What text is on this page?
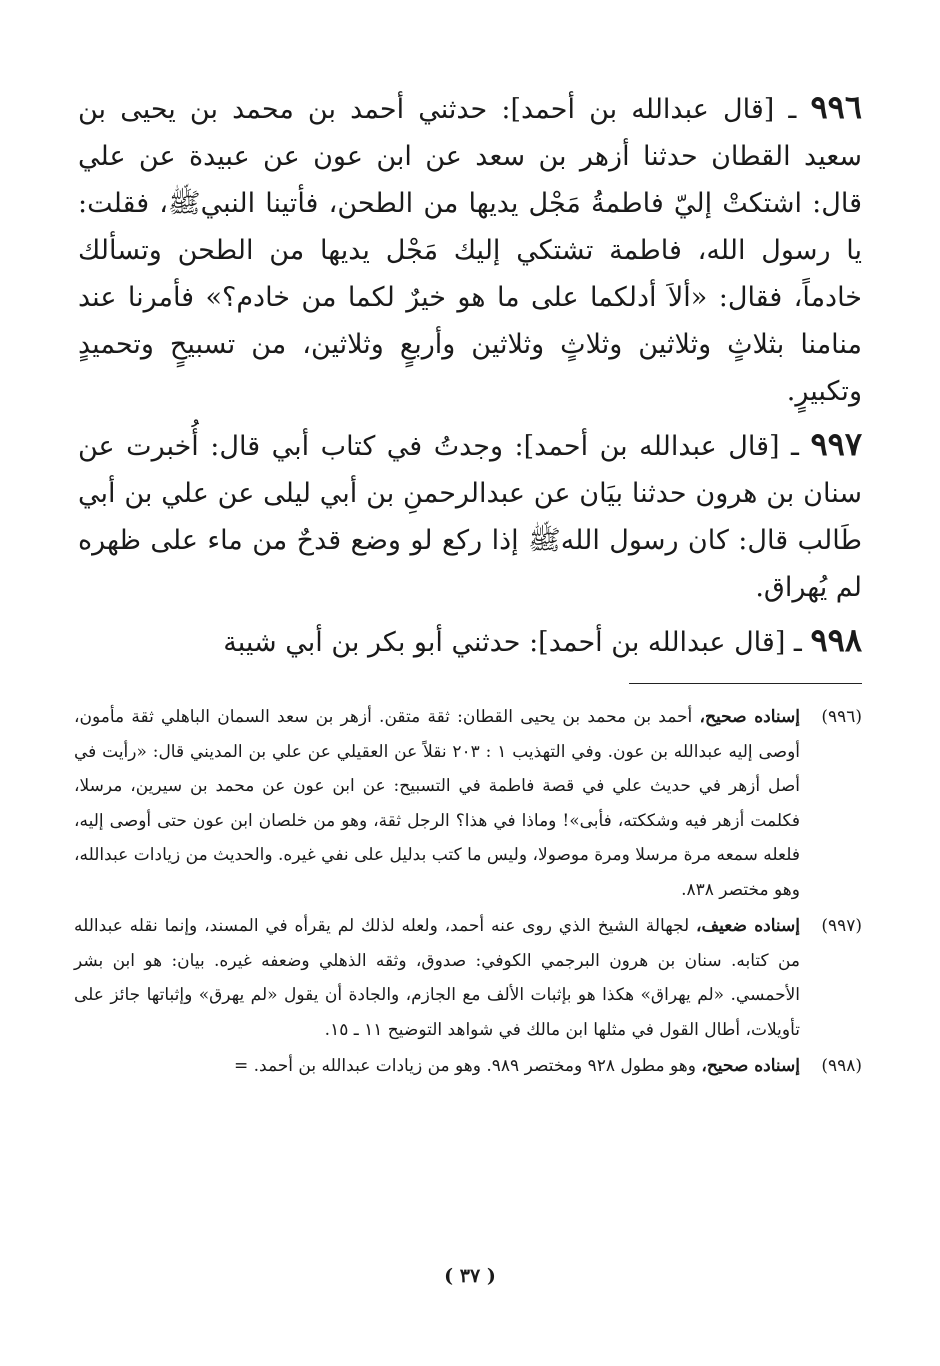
٩٩٦ ـ [قال عبدالله بن أحمد]: حدثني أحمد بن محمد بن يحيى بن سعيد القطان حدثنا أزهر بن سعد عن ابن عون عن عبيدة عن علي قال: اشتكتْ إليّ فاطمةُ مَجْل يديها من الطحن، فأتينا النبيﷺ، فقلت: يا رسول الله، فاطمة تشتكي إليك مَجْل يديها من الطحن وتسألك خادماً، فقال: «ألاَ أدلكما على ما هو خيرٌ لكما من خادم؟» فأمرنا عند منامنا بثلاثٍ وثلاثين وثلاثٍ وثلاثين وأربعٍ وثلاثين، من تسبيحٍ وتحميدٍ وتكبيرٍ.

٩٩٧ ـ [قال عبدالله بن أحمد]: وجدتُ في كتاب أبي قال: أُخبرت عن سنان بن هرون حدثنا بيَان عن عبدالرحمنِ بن أبي ليلى عن علي بن أبي طَالب قال: كان رسول اللهﷺ إذا ركع لو وضع قدحٌ من ماء على ظهره لم يُهراق.

٩٩٨ ـ [قال عبدالله بن أحمد]: حدثني أبو بكر بن أبي شيبة

(٩٩٦)
إسناده صحيح، أحمد بن محمد بن يحيى القطان: ثقة متقن. أزهر بن سعد السمان الباهلي ثقة مأمون، أوصى إليه عبدالله بن عون. وفي التهذيب ١ : ٢٠٣ نقلاً عن العقيلي عن علي بن المديني قال: «رأيت في أصل أزهر في حديث علي في قصة فاطمة في التسبيح: عن ابن عون عن محمد بن سيرين، مرسلا، فكلمت أزهر فيه وشككته، فأبى»! وماذا في هذا؟ الرجل ثقة، وهو من خلصان ابن عون حتى أوصى إليه، فلعله سمعه مرة مرسلا ومرة موصولا، وليس ما كتب بدليل على نفي غيره. والحديث من زيادات عبدالله، وهو مختصر ٨٣٨.
(٩٩٧)
إسناده ضعيف، لجهالة الشيخ الذي روى عنه أحمد، ولعله لذلك لم يقرأه في المسند، وإنما نقله عبدالله من كتابه. سنان بن هرون البرجمي الكوفي: صدوق، وثقه الذهلي وضعفه غيره. بيان: هو ابن بشر الأحمسي. «لم يهراق» هكذا هو بإثبات الألف مع الجازم، والجادة أن يقول «لم يهرق» وإثباتها جائز على تأويلات، أطال القول في مثلها ابن مالك في شواهد التوضيح ١١ ـ ١٥.
(٩٩٨)
إسناده صحيح، وهو مطول ٩٢٨ ومختصر ٩٨٩. وهو من زيادات عبدالله بن أحمد. =
( ٣٧ )
